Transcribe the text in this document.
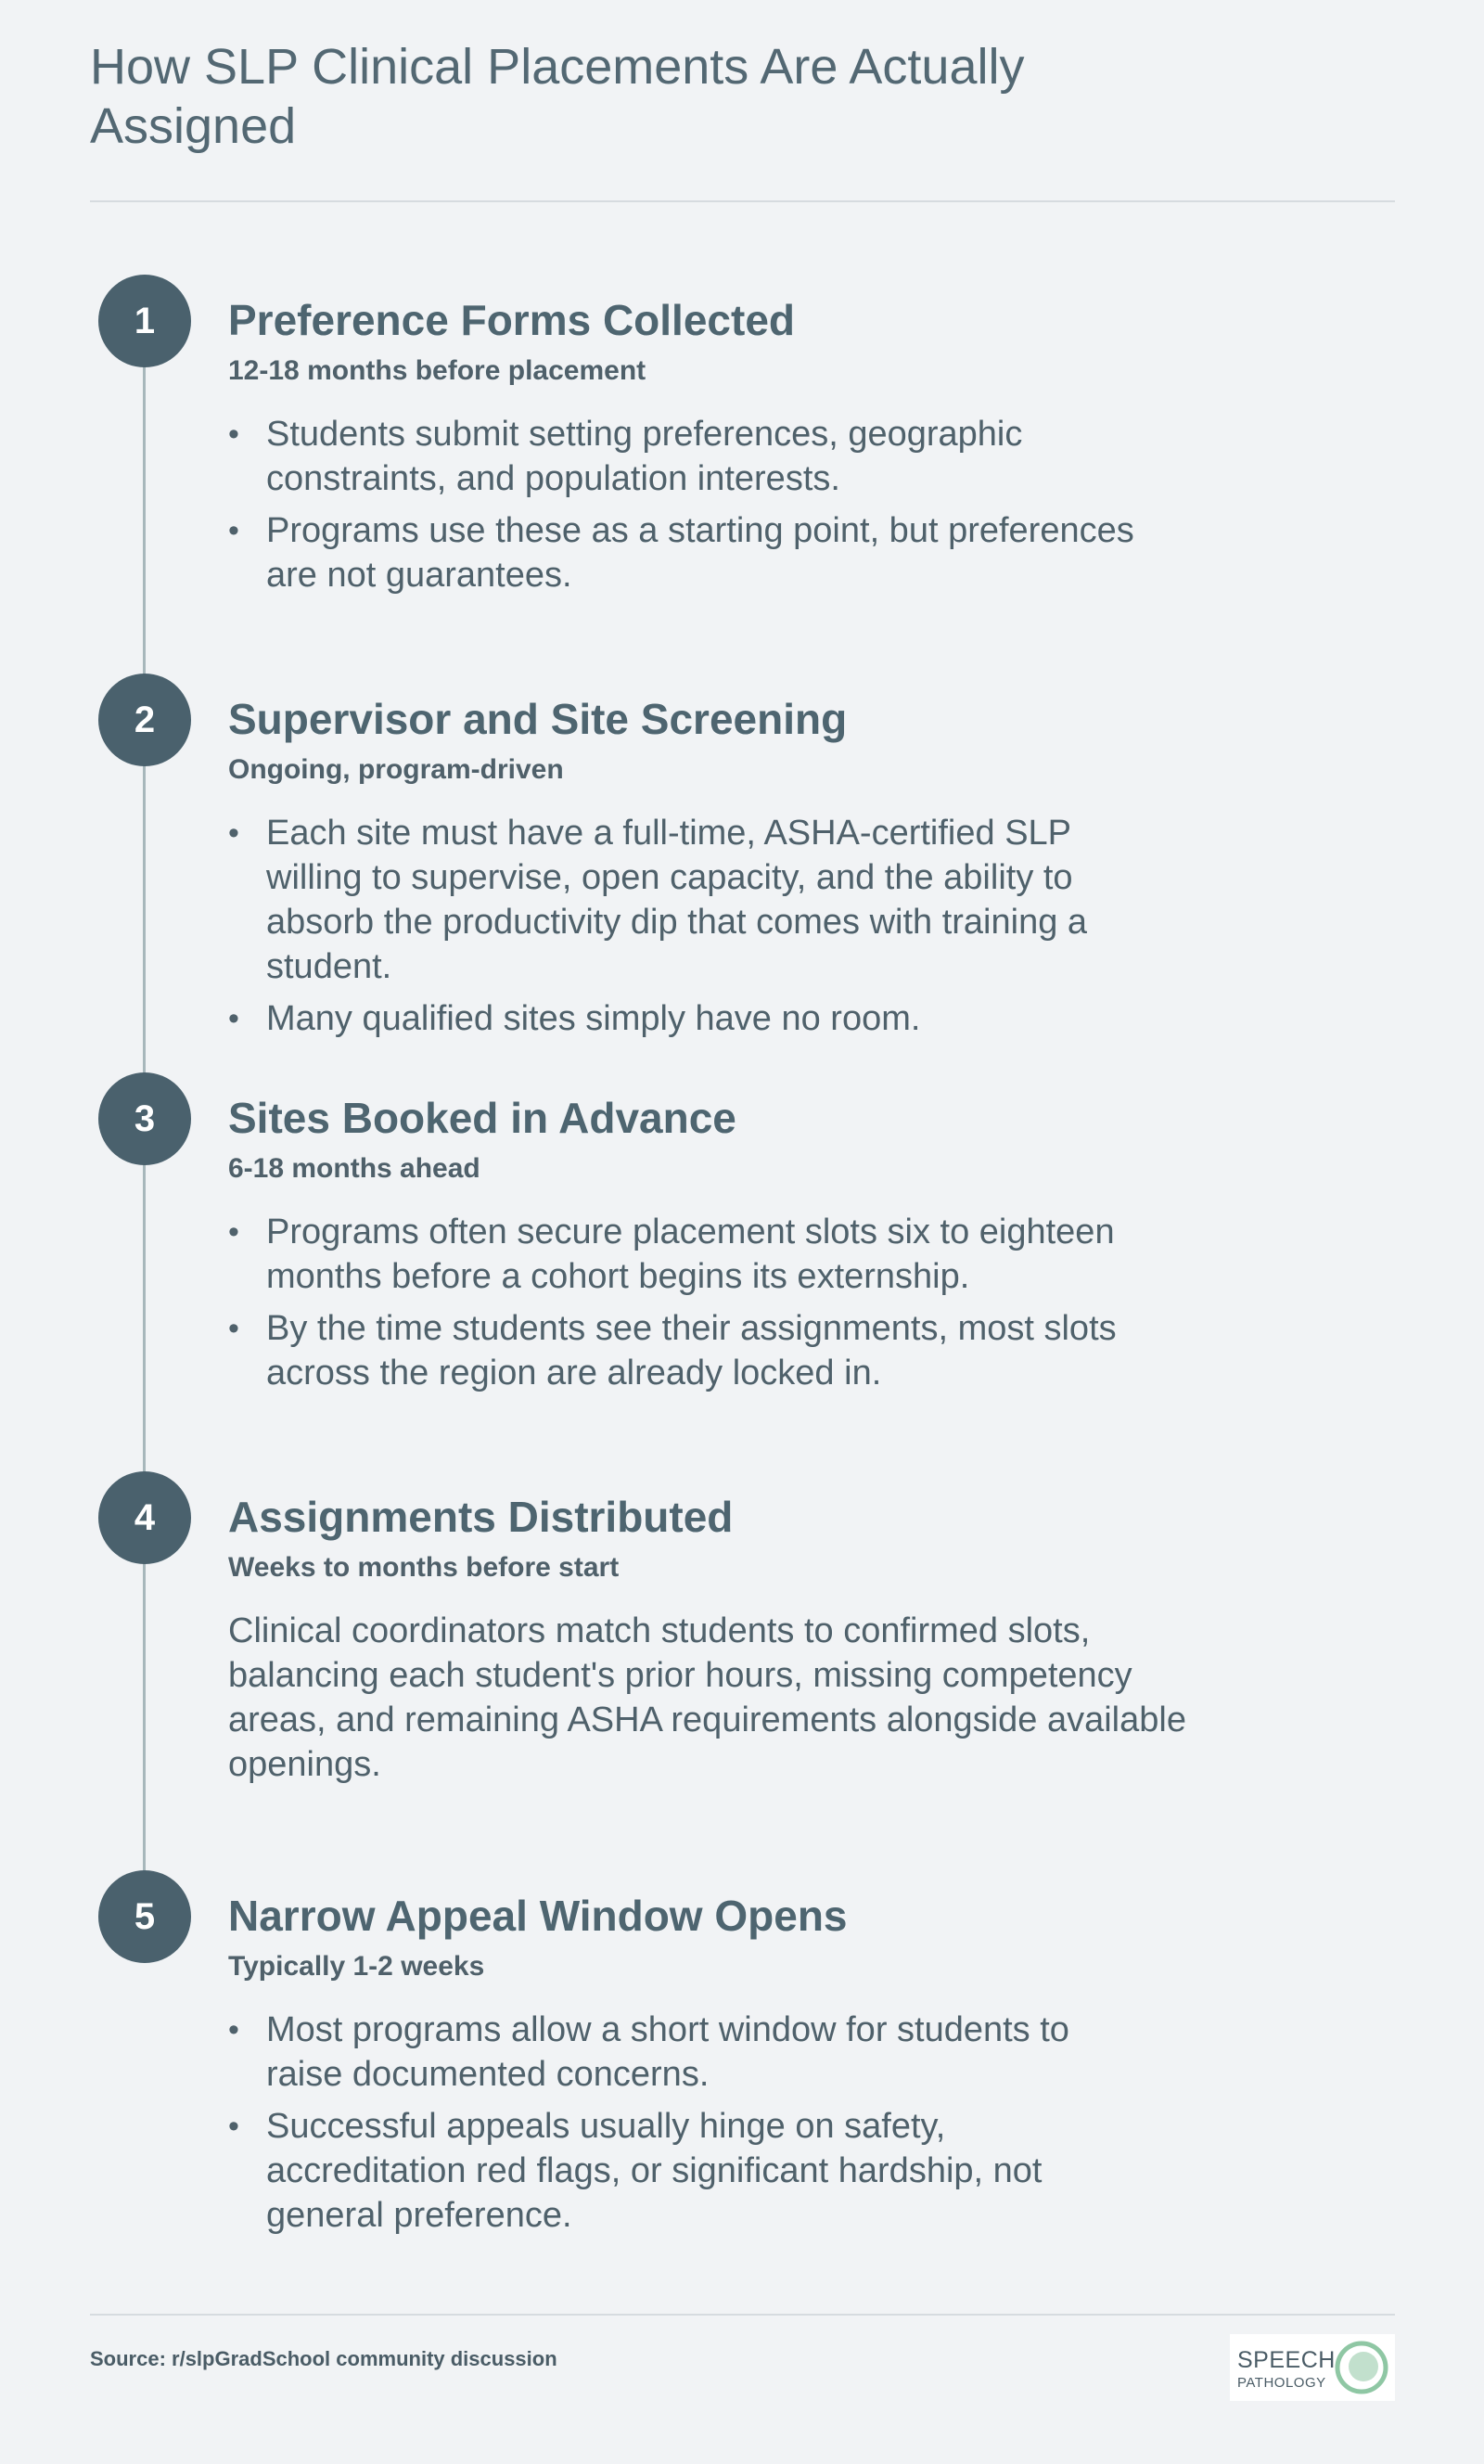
How SLP Clinical Placements Are Actually Assigned
1	Preference Forms Collected
12-18 months before placement
• Students submit setting preferences, geographic constraints, and population interests.
• Programs use these as a starting point, but preferences are not guarantees.
2	Supervisor and Site Screening
Ongoing, program-driven
• Each site must have a full-time, ASHA-certified SLP willing to supervise, open capacity, and the ability to absorb the productivity dip that comes with training a student.
• Many qualified sites simply have no room.
3	Sites Booked in Advance
6-18 months ahead
• Programs often secure placement slots six to eighteen months before a cohort begins its externship.
• By the time students see their assignments, most slots across the region are already locked in.
4	Assignments Distributed
Weeks to months before start

Clinical coordinators match students to confirmed slots, balancing each student's prior hours, missing competency areas, and remaining ASHA requirements alongside available openings.

5	Narrow Appeal Window Opens
Typically 1-2 weeks
• Most programs allow a short window for students to raise documented concerns.
• Successful appeals usually hinge on safety, accreditation red flags, or significant hardship, not general preference.
Source: r/slpGradSchool community discussion	SPEECH
PATHOLOGY
